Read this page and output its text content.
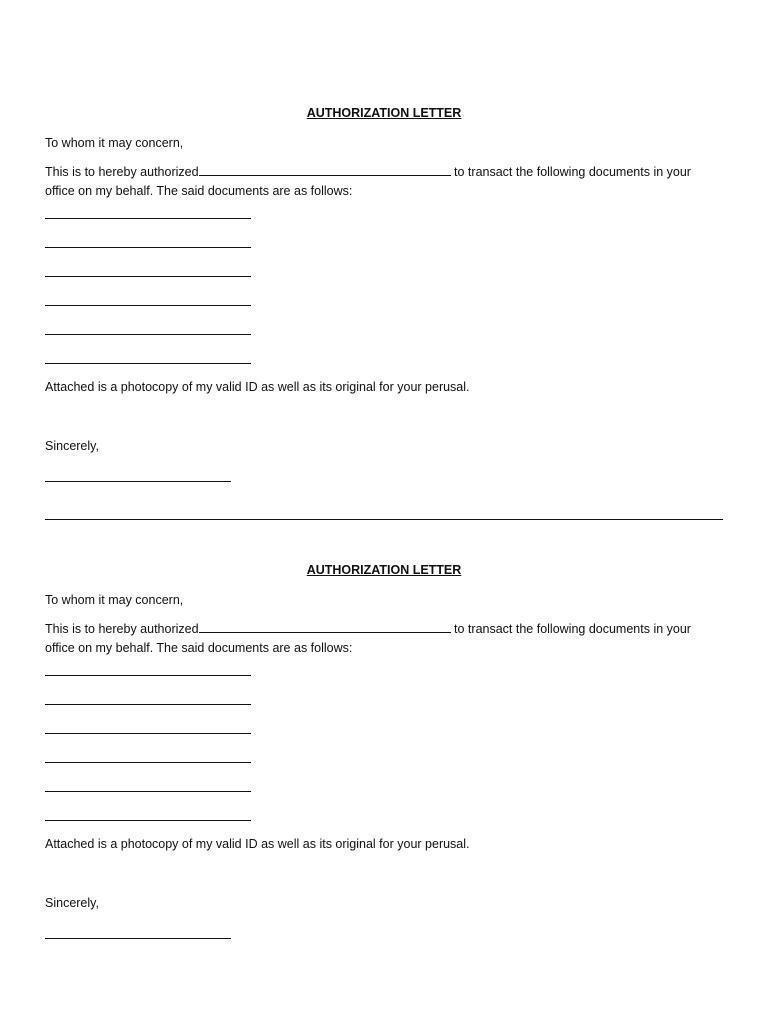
AUTHORIZATION LETTER

To whom it may concern,

This is to hereby authorized	to transact the following documents in your office on my behalf. The said documents are as follows:

Attached is a photocopy of my valid ID as well as its original for your perusal.

Sincerely,

AUTHORIZATION LETTER

To whom it may concern,

This is to hereby authorized	to transact the following documents in your office on my behalf. The said documents are as follows:

Attached is a photocopy of my valid ID as well as its original for your perusal.

Sincerely,
